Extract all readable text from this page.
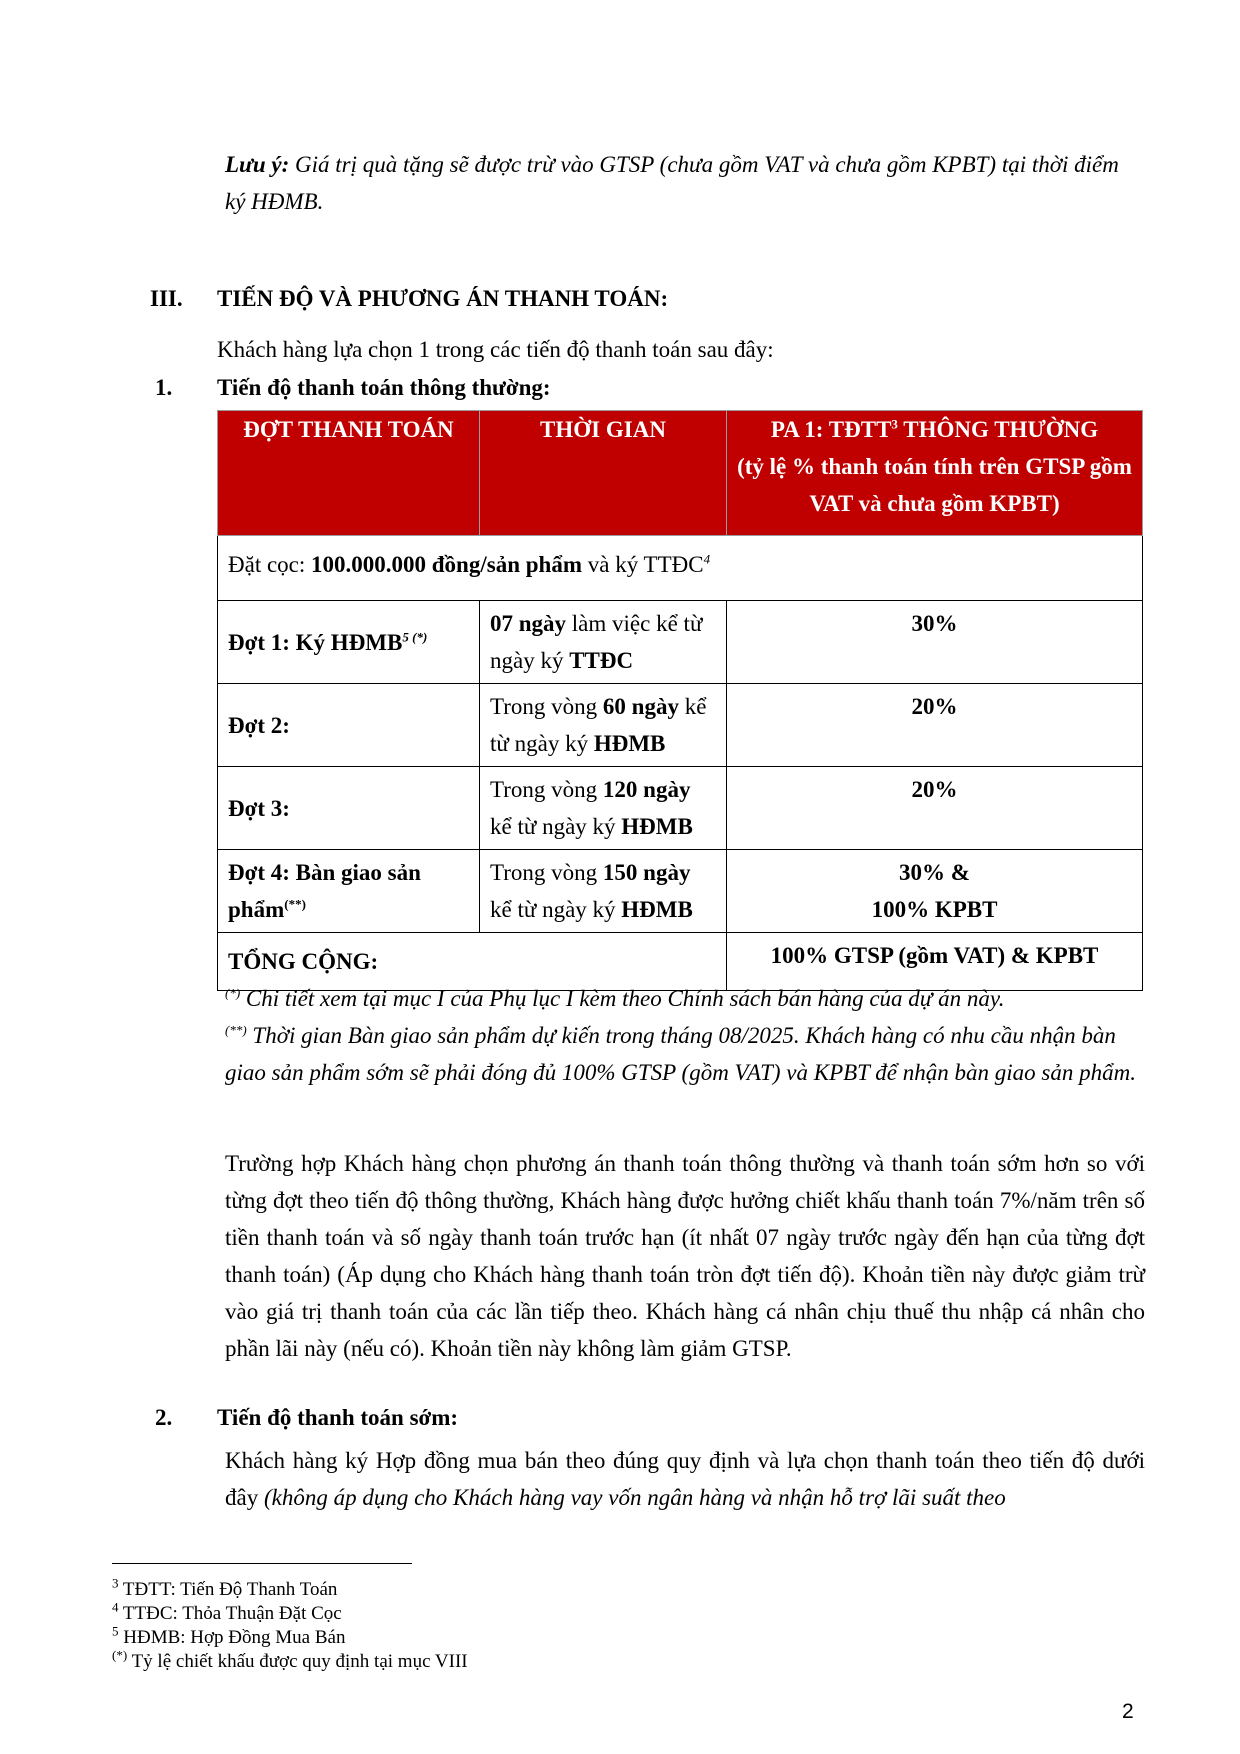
Lưu ý: Giá trị quà tặng sẽ được trừ vào GTSP (chưa gồm VAT và chưa gồm KPBT) tại thời điểm ký HĐMB.
III. TIẾN ĐỘ VÀ PHƯƠNG ÁN THANH TOÁN:
Khách hàng lựa chọn 1 trong các tiến độ thanh toán sau đây:
1. Tiến độ thanh toán thông thường:
ĐỢT THANH TOÁN	THỜI GIAN	PA 1: TĐTT$^3$ THÔNG THƯỜNG
(tỷ lệ % thanh toán tính trên GTSP gồm VAT và chưa gồm KPBT)
Đặt cọc: 100.000.000 đồng/sản phẩm và ký TTĐC$^4$
Đợt 1: Ký $HĐMB^{5 (*)}$	07 ngày làm việc kể từ ngày ký TTĐC	30%
Đợt 2:	Trong vòng 60 ngày kể từ ngày ký HĐMB	20%
Đợt 3:	Trong vòng 120 ngày kể từ ngày ký HĐMB	20%
Đợt 4: Bàn giao sản phẩm(**)	Trong vòng 150 ngày kể từ ngày ký HĐMB	30% &
100% KPBT
TỔNG CỘNG:		100% GTSP (gồm VAT) & KPBT
(*) Chi tiết xem tại mục I của Phụ lục I kèm theo Chính sách bán hàng của dự án này.
(**) Thời gian Bàn giao sản phẩm dự kiến trong tháng 08/2025. Khách hàng có nhu cầu nhận bàn giao sản phẩm sớm sẽ phải đóng đủ 100% GTSP (gồm VAT) và KPBT để nhận bàn giao sản phẩm.
Trường hợp Khách hàng chọn phương án thanh toán thông thường và thanh toán sớm hơn so với từng đợt theo tiến độ thông thường, Khách hàng được hưởng chiết khấu thanh toán 7%/năm trên số tiền thanh toán và số ngày thanh toán trước hạn (ít nhất 07 ngày trước ngày đến hạn của từng đợt thanh toán) (Áp dụng cho Khách hàng thanh toán tròn đợt tiến độ). Khoản tiền này được giảm trừ vào giá trị thanh toán của các lần tiếp theo. Khách hàng cá nhân chịu thuế thu nhập cá nhân cho phần lãi này (nếu có). Khoản tiền này không làm giảm GTSP.
2. Tiến độ thanh toán sớm:
Khách hàng ký Hợp đồng mua bán theo đúng quy định và lựa chọn thanh toán theo tiến độ dưới đây (không áp dụng cho Khách hàng vay vốn ngân hàng và nhận hỗ trợ lãi suất theo
$^3$ TĐTT: Tiến Độ Thanh Toán
$^4$ TTĐC: Thỏa Thuận Đặt Cọc
$^5$ HĐMB: Hợp Đồng Mua Bán
(*) Tỷ lệ chiết khấu được quy định tại mục VIII
2
